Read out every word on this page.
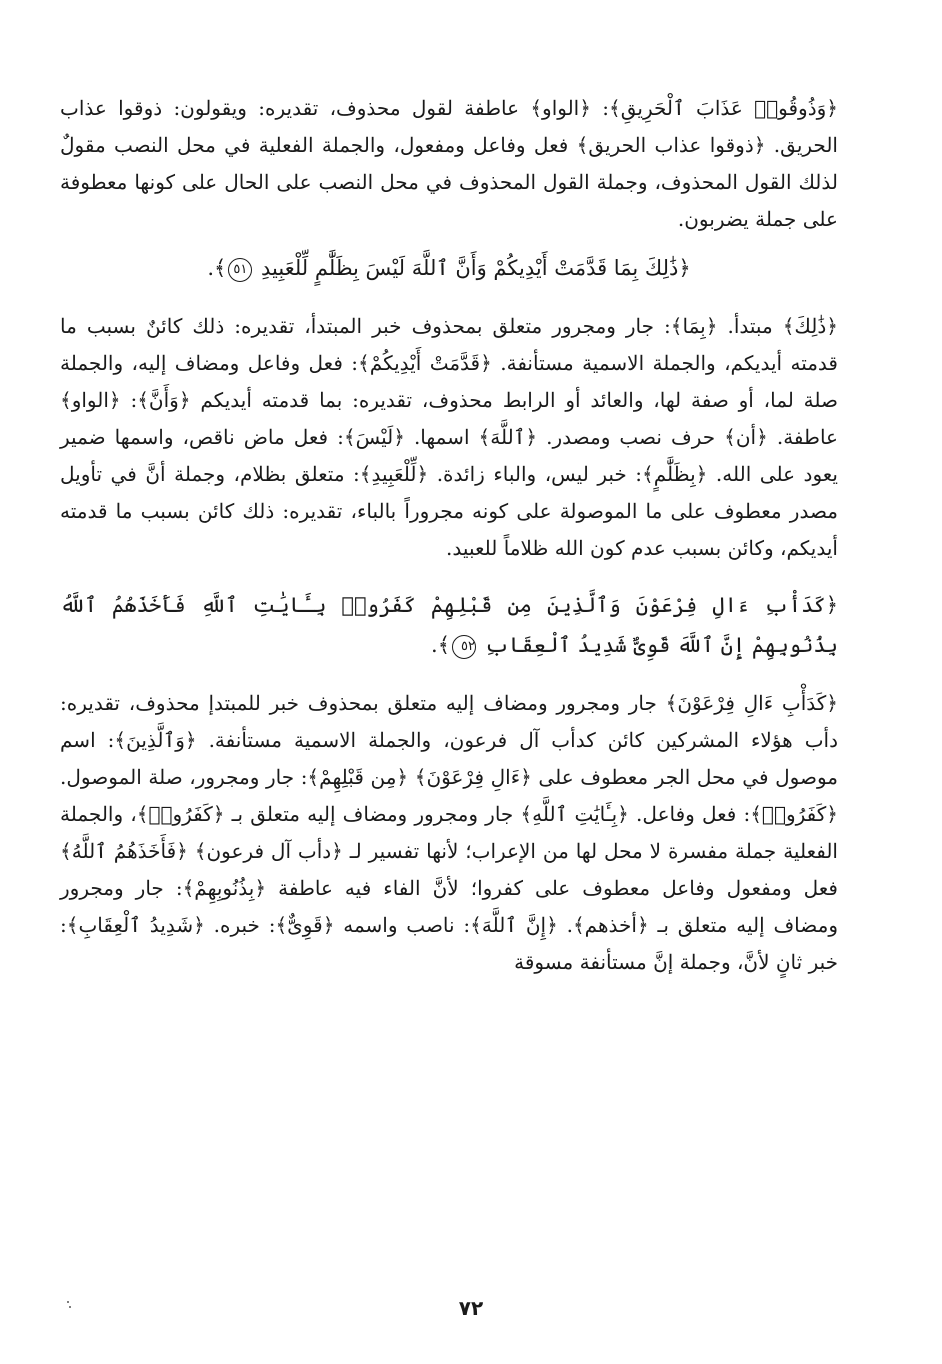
﴿وَذُوقُوا۟ عَذَابَ ٱلْحَرِيقِ﴾: ﴿الواو﴾ عاطفة لقول محذوف، تقديره: ويقولون: ذوقوا عذاب الحريق. ﴿ذوقوا عذاب الحريق﴾ فعل وفاعل ومفعول، والجملة الفعلية في محل النصب مقولٌ لذلك القول المحذوف، وجملة القول المحذوف في محل النصب على الحال على كونها معطوفة على جملة يضربون.

﴿ذَٰلِكَ بِمَا قَدَّمَتْ أَيْدِيكُمْ وَأَنَّ ٱللَّهَ لَيْسَ بِظَلَّٰمٍ لِّلْعَبِيدِ ٥١﴾.

﴿ذَٰلِكَ﴾ مبتدأ. ﴿بِمَا﴾: جار ومجرور متعلق بمحذوف خبر المبتدأ، تقديره: ذلك كائنٌ بسبب ما قدمته أيديكم، والجملة الاسمية مستأنفة. ﴿قَدَّمَتْ أَيْدِيكُمْ﴾: فعل وفاعل ومضاف إليه، والجملة صلة لما، أو صفة لها، والعائد أو الرابط محذوف، تقديره: بما قدمته أيديكم ﴿وَأَنَّ﴾: ﴿الواو﴾ عاطفة. ﴿أن﴾ حرف نصب ومصدر. ﴿ٱللَّهَ﴾ اسمها. ﴿لَيْسَ﴾: فعل ماض ناقص، واسمها ضمير يعود على الله. ﴿بِظَلَّٰمٍ﴾: خبر ليس، والباء زائدة. ﴿لِّلْعَبِيدِ﴾: متعلق بظلام، وجملة أنَّ في تأويل مصدر معطوف على ما الموصولة على كونه مجروراً بالباء، تقديره: ذلك كائن بسبب ما قدمته أيديكم، وكائن بسبب عدم كون الله ظلاماً للعبيد.

﴿كَدَأْبِ ءَالِ فِرْعَوْنَ وَٱلَّذِينَ مِن قَبْلِهِمْ كَفَرُوا۟ بِـَٔايَٰتِ ٱللَّهِ فَأَخَذَهُمُ ٱللَّهُ بِذُنُوبِهِمْ إِنَّ ٱللَّهَ قَوِىٌّ شَدِيدُ ٱلْعِقَابِ ٥٢﴾.

﴿كَدَأْبِ ءَالِ فِرْعَوْنَ﴾ جار ومجرور ومضاف إليه متعلق بمحذوف خبر للمبتدإ محذوف، تقديره: دأب هؤلاء المشركين كائن كدأب آل فرعون، والجملة الاسمية مستأنفة. ﴿وَٱلَّذِينَ﴾: اسم موصول في محل الجر معطوف على ﴿ءَالِ فِرْعَوْنَ﴾ ﴿مِن قَبْلِهِمْ﴾: جار ومجرور، صلة الموصول. ﴿كَفَرُوا۟﴾: فعل وفاعل. ﴿بِـَٔايَٰتِ ٱللَّهِ﴾ جار ومجرور ومضاف إليه متعلق بـ ﴿كَفَرُوا۟﴾، والجملة الفعلية جملة مفسرة لا محل لها من الإعراب؛ لأنها تفسير لـ ﴿دأب آل فرعون﴾ ﴿فَأَخَذَهُمُ ٱللَّهُ﴾ فعل ومفعول وفاعل معطوف على كفروا؛ لأنَّ الفاء فيه عاطفة ﴿بِذُنُوبِهِمْ﴾: جار ومجرور ومضاف إليه متعلق بـ ﴿أخذهم﴾. ﴿إِنَّ ٱللَّهَ﴾: ناصب واسمه ﴿قَوِىٌّ﴾: خبره. ﴿شَدِيدُ ٱلْعِقَابِ﴾: خبر ثانٍ لأنَّ، وجملة إنَّ مستأنفة مسوقة

٧٢
